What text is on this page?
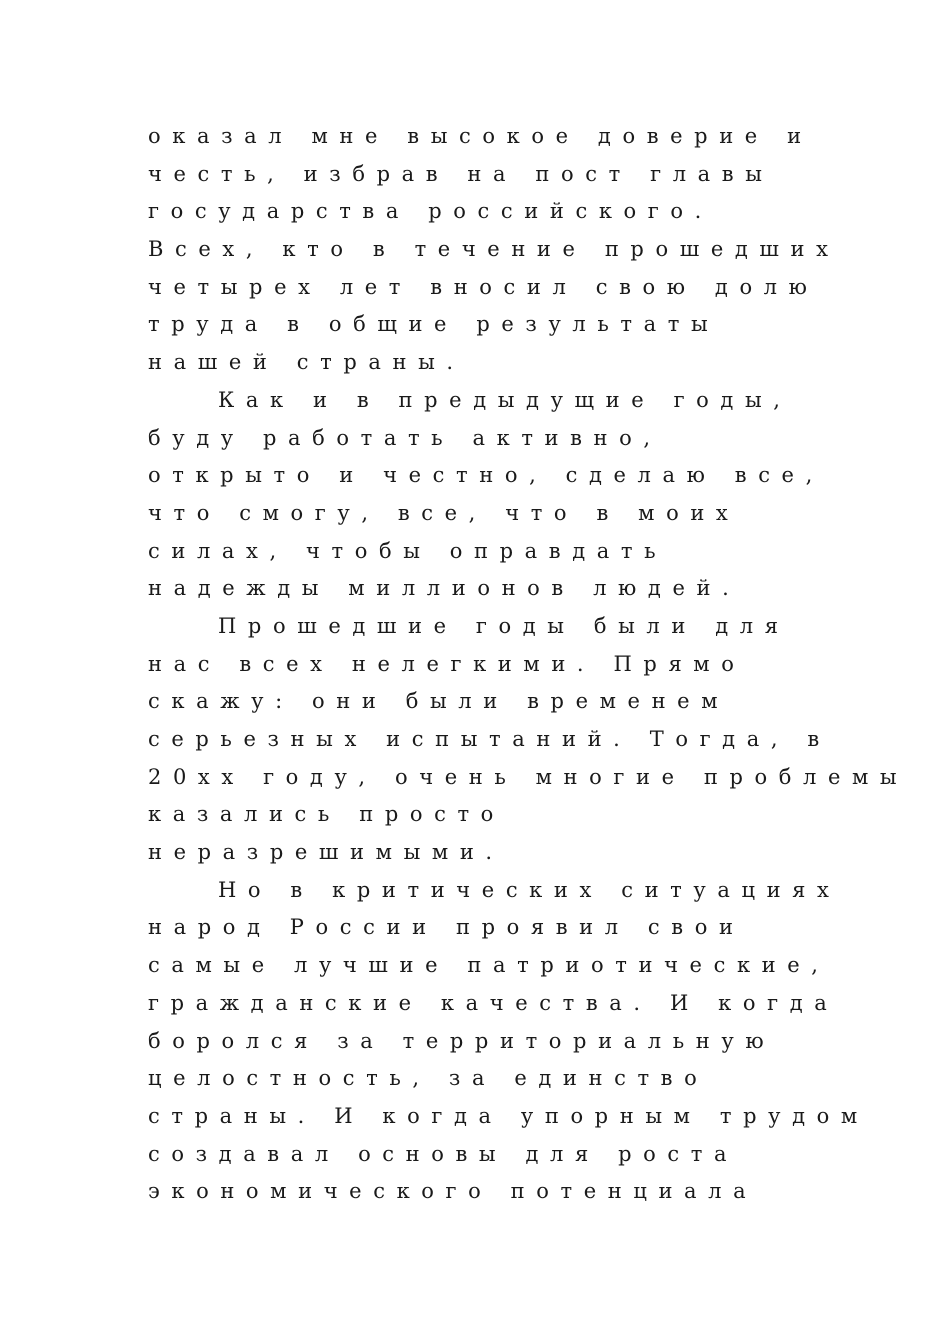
оказал мне высокое доверие и
честь, избрав на пост главы
государства российского.
Всех, кто в течение прошедших
четырех лет вносил свою долю
труда в общие результаты
нашей страны.
Как и в предыдущие годы,
буду работать активно,
открыто и честно, сделаю все,
что смогу, все, что в моих
силах, чтобы оправдать
надежды миллионов людей.
Прошедшие годы были для
нас всех нелегкими. Прямо
скажу: они были временем
серьезных испытаний. Тогда, в
20xx году, очень многие проблемы
казались просто
неразрешимыми.
Но в критических ситуациях
народ России проявил свои
самые лучшие патриотические,
гражданские качества. И когда
боролся за территориальную
целостность, за единство
страны. И когда упорным трудом
создавал основы для роста
экономического потенциала
